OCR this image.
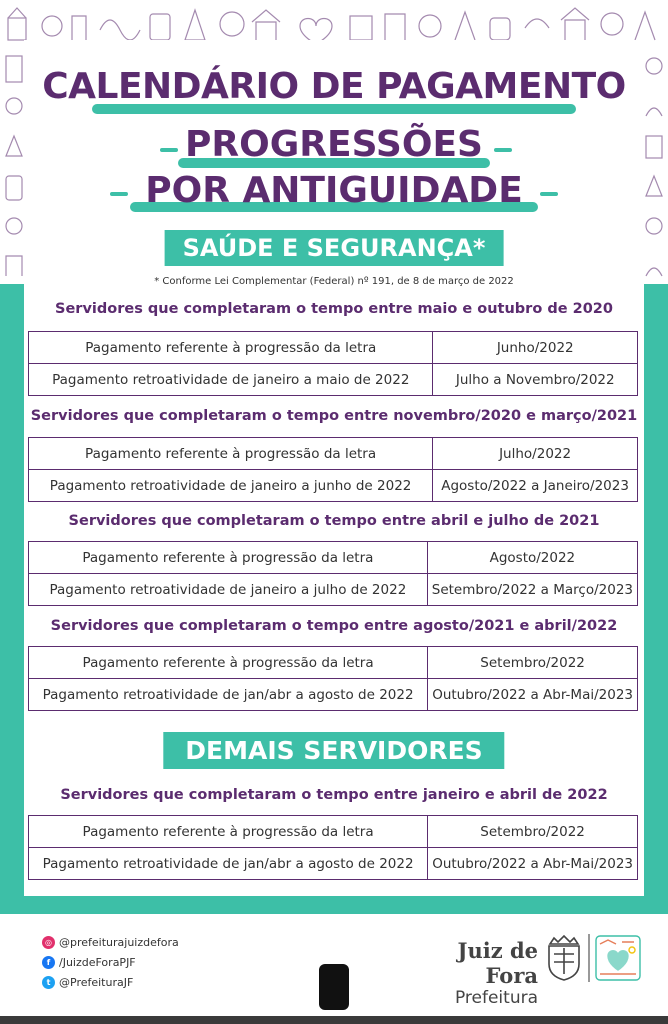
CALENDÁRIO DE PAGAMENTO
PROGRESSÕES
POR ANTIGUIDADE
SAÚDE E SEGURANÇA*
* Conforme Lei Complementar (Federal) nº 191, de 8 de março de 2022
Servidores que completaram o tempo entre maio e outubro de 2020
Pagamento referente à progressão da letra	Junho/2022
Pagamento retroatividade de janeiro a maio de 2022	Julho a Novembro/2022
Servidores que completaram o tempo entre novembro/2020 e março/2021
Pagamento referente à progressão da letra	Julho/2022
Pagamento retroatividade de janeiro a junho de 2022	Agosto/2022 a Janeiro/2023
Servidores que completaram o tempo entre abril e julho de 2021
Pagamento referente à progressão da letra	Agosto/2022
Pagamento retroatividade de janeiro a julho de 2022	Setembro/2022 a Março/2023
Servidores que completaram o tempo entre agosto/2021 e abril/2022
Pagamento referente à progressão da letra	Setembro/2022
Pagamento retroatividade de jan/abr a agosto de 2022	Outubro/2022 a Abr-Mai/2023
DEMAIS SERVIDORES
Servidores que completaram o tempo entre janeiro e abril de 2022
Pagamento referente à progressão da letra	Setembro/2022
Pagamento retroatividade de jan/abr a agosto de 2022	Outubro/2022 a Abr-Mai/2023
◎ @prefeiturajuizdefora
f /JuizdeForaPJF
t @PrefeituraJF
Juiz de Fora
Prefeitura
